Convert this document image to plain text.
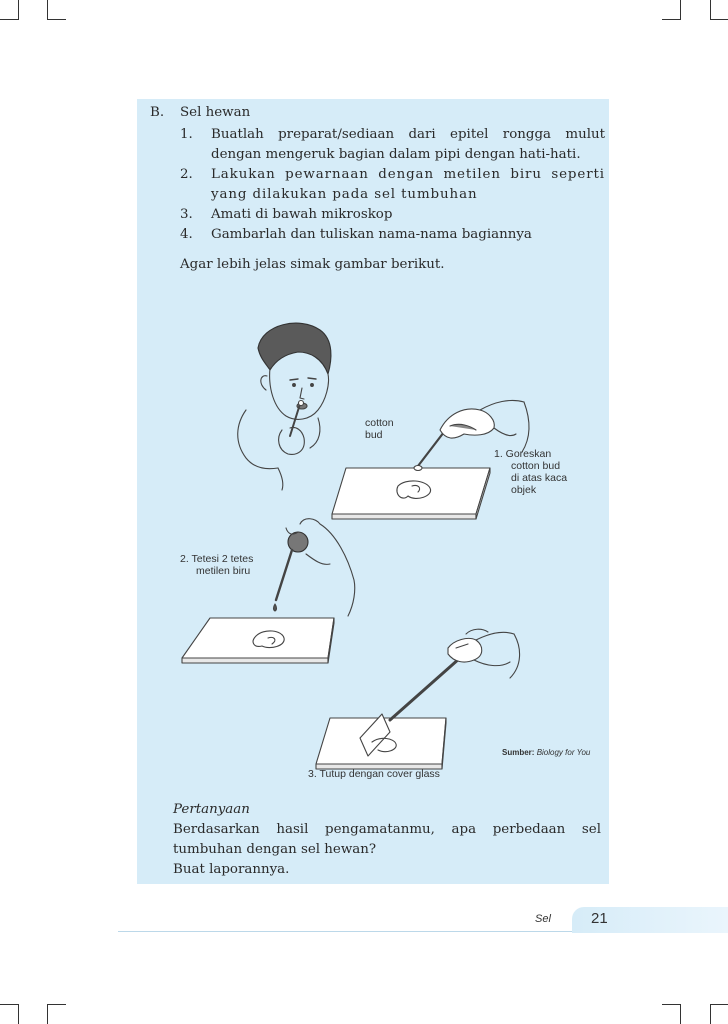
B.	Sel hewan
1.	Buatlah preparat/sediaan dari epitel rongga mulut dengan mengeruk bagian dalam pipi dengan hati-hati.
2.	Lakukan pewarnaan dengan metilen biru seperti yang dilakukan pada sel tumbuhan
3.	Amati di bawah mikroskop
4.	Gambarlah dan tuliskan nama-nama bagiannya
Agar lebih jelas simak gambar berikut.
cotton
bud
1. Goreskan
cotton bud
di atas kaca
objek
2. Tetesi 2 tetes
metilen biru
Sumber: Biology for You
3. Tutup dengan cover glass

Pertanyaan

Berdasarkan hasil pengamatanmu, apa perbedaan sel tumbuhan dengan sel hewan?

Buat laporannya.

Sel	21
